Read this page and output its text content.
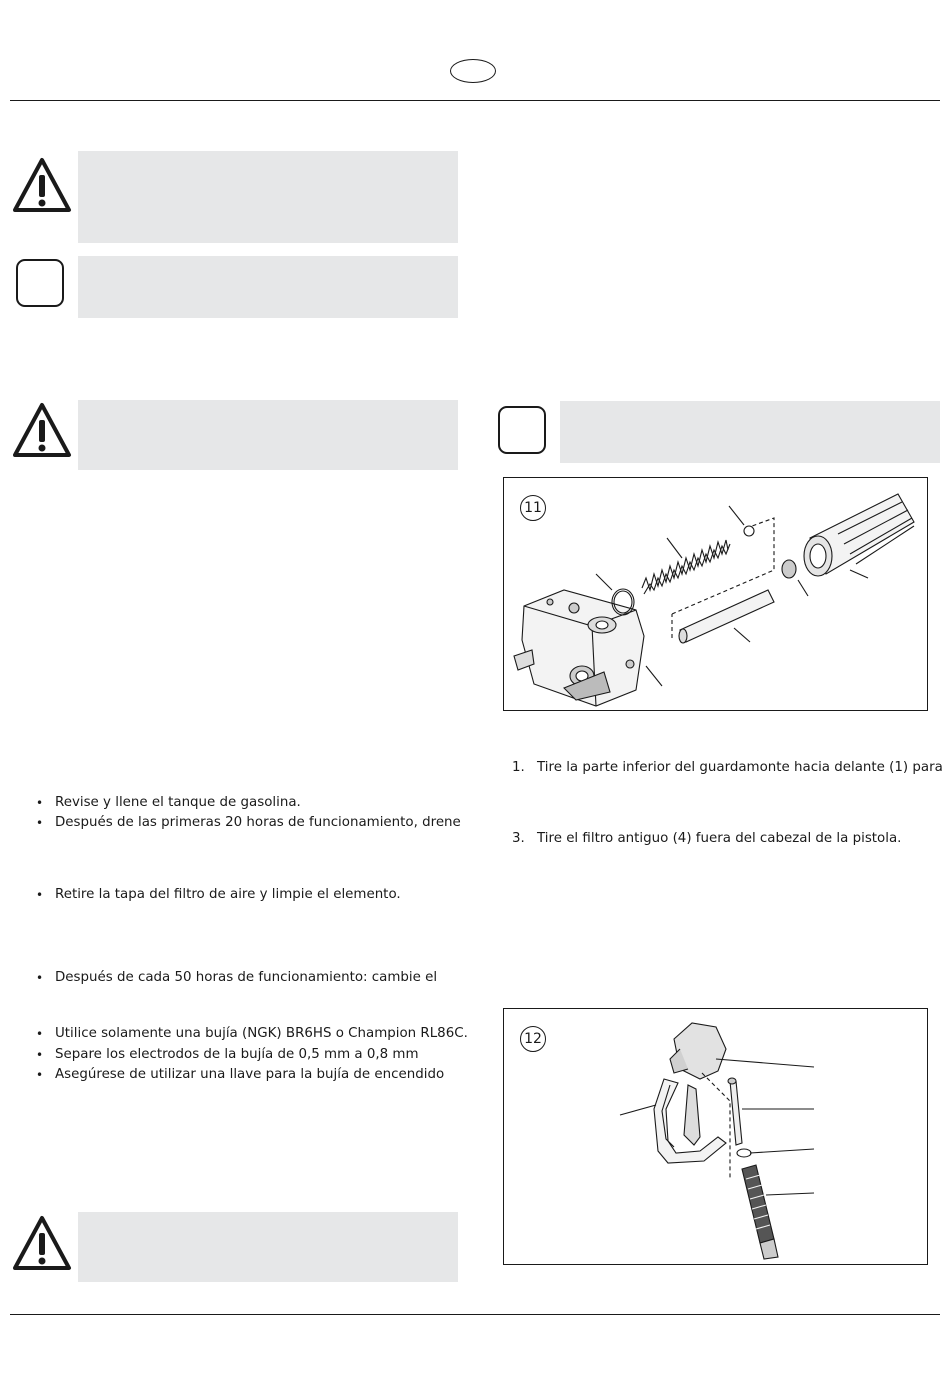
• Revise y llene el tanque de gasolina.
• Después de las primeras 20 horas de funcionamiento, drene
• Retire la tapa del filtro de aire y limpie el elemento.
• Después de cada 50 horas de funcionamiento: cambie el
• Utilice solamente una bujía (NGK) BR6HS o Champion RL86C.
• Separe los electrodos de la bujía de 0,5 mm a 0,8 mm
• Asegúrese de utilizar una llave para la bujía de encendido
11
1. Tire la parte inferior del guardamonte hacia delante (1) para
3. Tire el filtro antiguo (4) fuera del cabezal de la pistola.
12
